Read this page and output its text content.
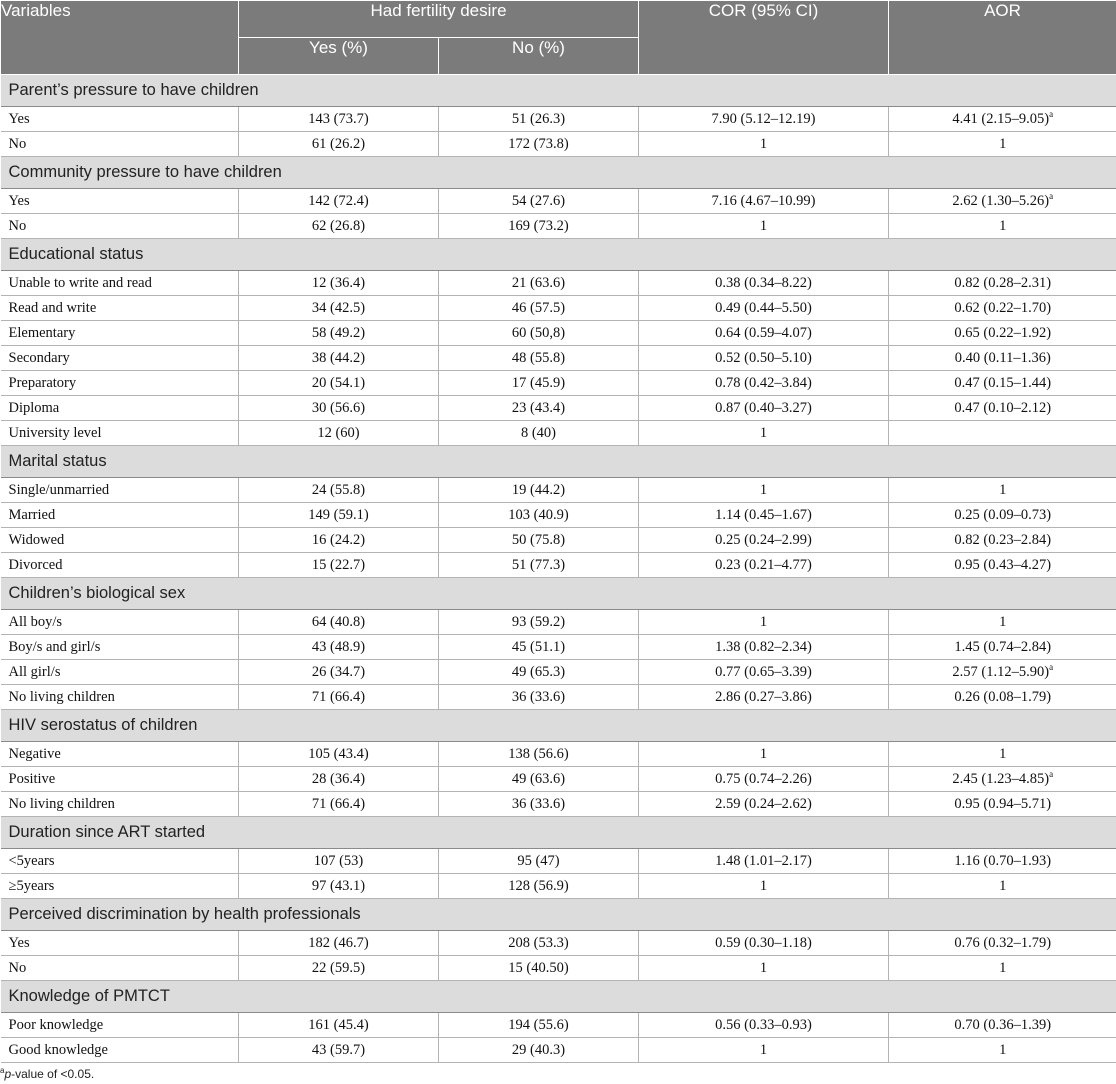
Variables	Had fertility desire		COR (95% CI)	AOR
	Yes (%)	No (%)		
Parent’s pressure to have children				
Yes	143 (73.7)	51 (26.3)	7.90 (5.12–12.19)	4.41 $(2.15-9.05)^a$
No	61 (26.2)	172 (73.8)	1	1
Community pressure to have children				
Yes	142 (72.4)	54 (27.6)	7.16 (4.67–10.99)	2.62 $(1.30-5.26)^a$
No	62 (26.8)	169 (73.2)	1	1
Educational status				
Unable to write and read	12 (36.4)	21 (63.6)	0.38 (0.34–8.22)	0.82 (0.28–2.31)
Read and write	34 (42.5)	46 (57.5)	0.49 (0.44–5.50)	0.62 (0.22–1.70)
Elementary	58 (49.2)	60 (50,8)	0.64 (0.59–4.07)	0.65 (0.22–1.92)
Secondary	38 (44.2)	48 (55.8)	0.52 (0.50–5.10)	0.40 (0.11–1.36)
Preparatory	20 (54.1)	17 (45.9)	0.78 (0.42–3.84)	0.47 (0.15–1.44)
Diploma	30 (56.6)	23 (43.4)	0.87 (0.40–3.27)	0.47 (0.10–2.12)
University level	12 (60)	8 (40)	1	
Marital status				
Single/unmarried	24 (55.8)	19 (44.2)	1	1
Married	149 (59.1)	103 (40.9)	1.14 (0.45–1.67)	0.25 (0.09–0.73)
Widowed	16 (24.2)	50 (75.8)	0.25 (0.24–2.99)	0.82 (0.23–2.84)
Divorced	15 (22.7)	51 (77.3)	0.23 (0.21–4.77)	0.95 (0.43–4.27)
Children’s biological sex				
All boy/s	64 (40.8)	93 (59.2)	1	1
Boy/s and girl/s	43 (48.9)	45 (51.1)	1.38 (0.82–2.34)	1.45 (0.74–2.84)
All girl/s	26 (34.7)	49 (65.3)	0.77 (0.65–3.39)	2.57 $(1.12-5.90)^a$
No living children	71 (66.4)	36 (33.6)	2.86 (0.27–3.86)	0.26 (0.08–1.79)
HIV serostatus of children				
Negative	105 (43.4)	138 (56.6)	1	1
Positive	28 (36.4)	49 (63.6)	0.75 (0.74–2.26)	2.45 $(1.23-4.85)^a$
No living children	71 (66.4)	36 (33.6)	2.59 (0.24–2.62)	0.95 (0.94–5.71)
Duration since ART started				
<5years	107 (53)	95 (47)	1.48 (1.01–2.17)	1.16 (0.70–1.93)
≥5years	97 (43.1)	128 (56.9)	1	1
Perceived discrimination by health professionals				
Yes	182 (46.7)	208 (53.3)	0.59 (0.30–1.18)	0.76 (0.32–1.79)
No	22 (59.5)	15 (40.50)	1	1
Knowledge of PMTCT				
Poor knowledge	161 (45.4)	194 (55.6)	0.56 (0.33–0.93)	0.70 (0.36–1.39)
Good knowledge	43 (59.7)	29 (40.3)	1	1
$^a$p-value of <0.05.
